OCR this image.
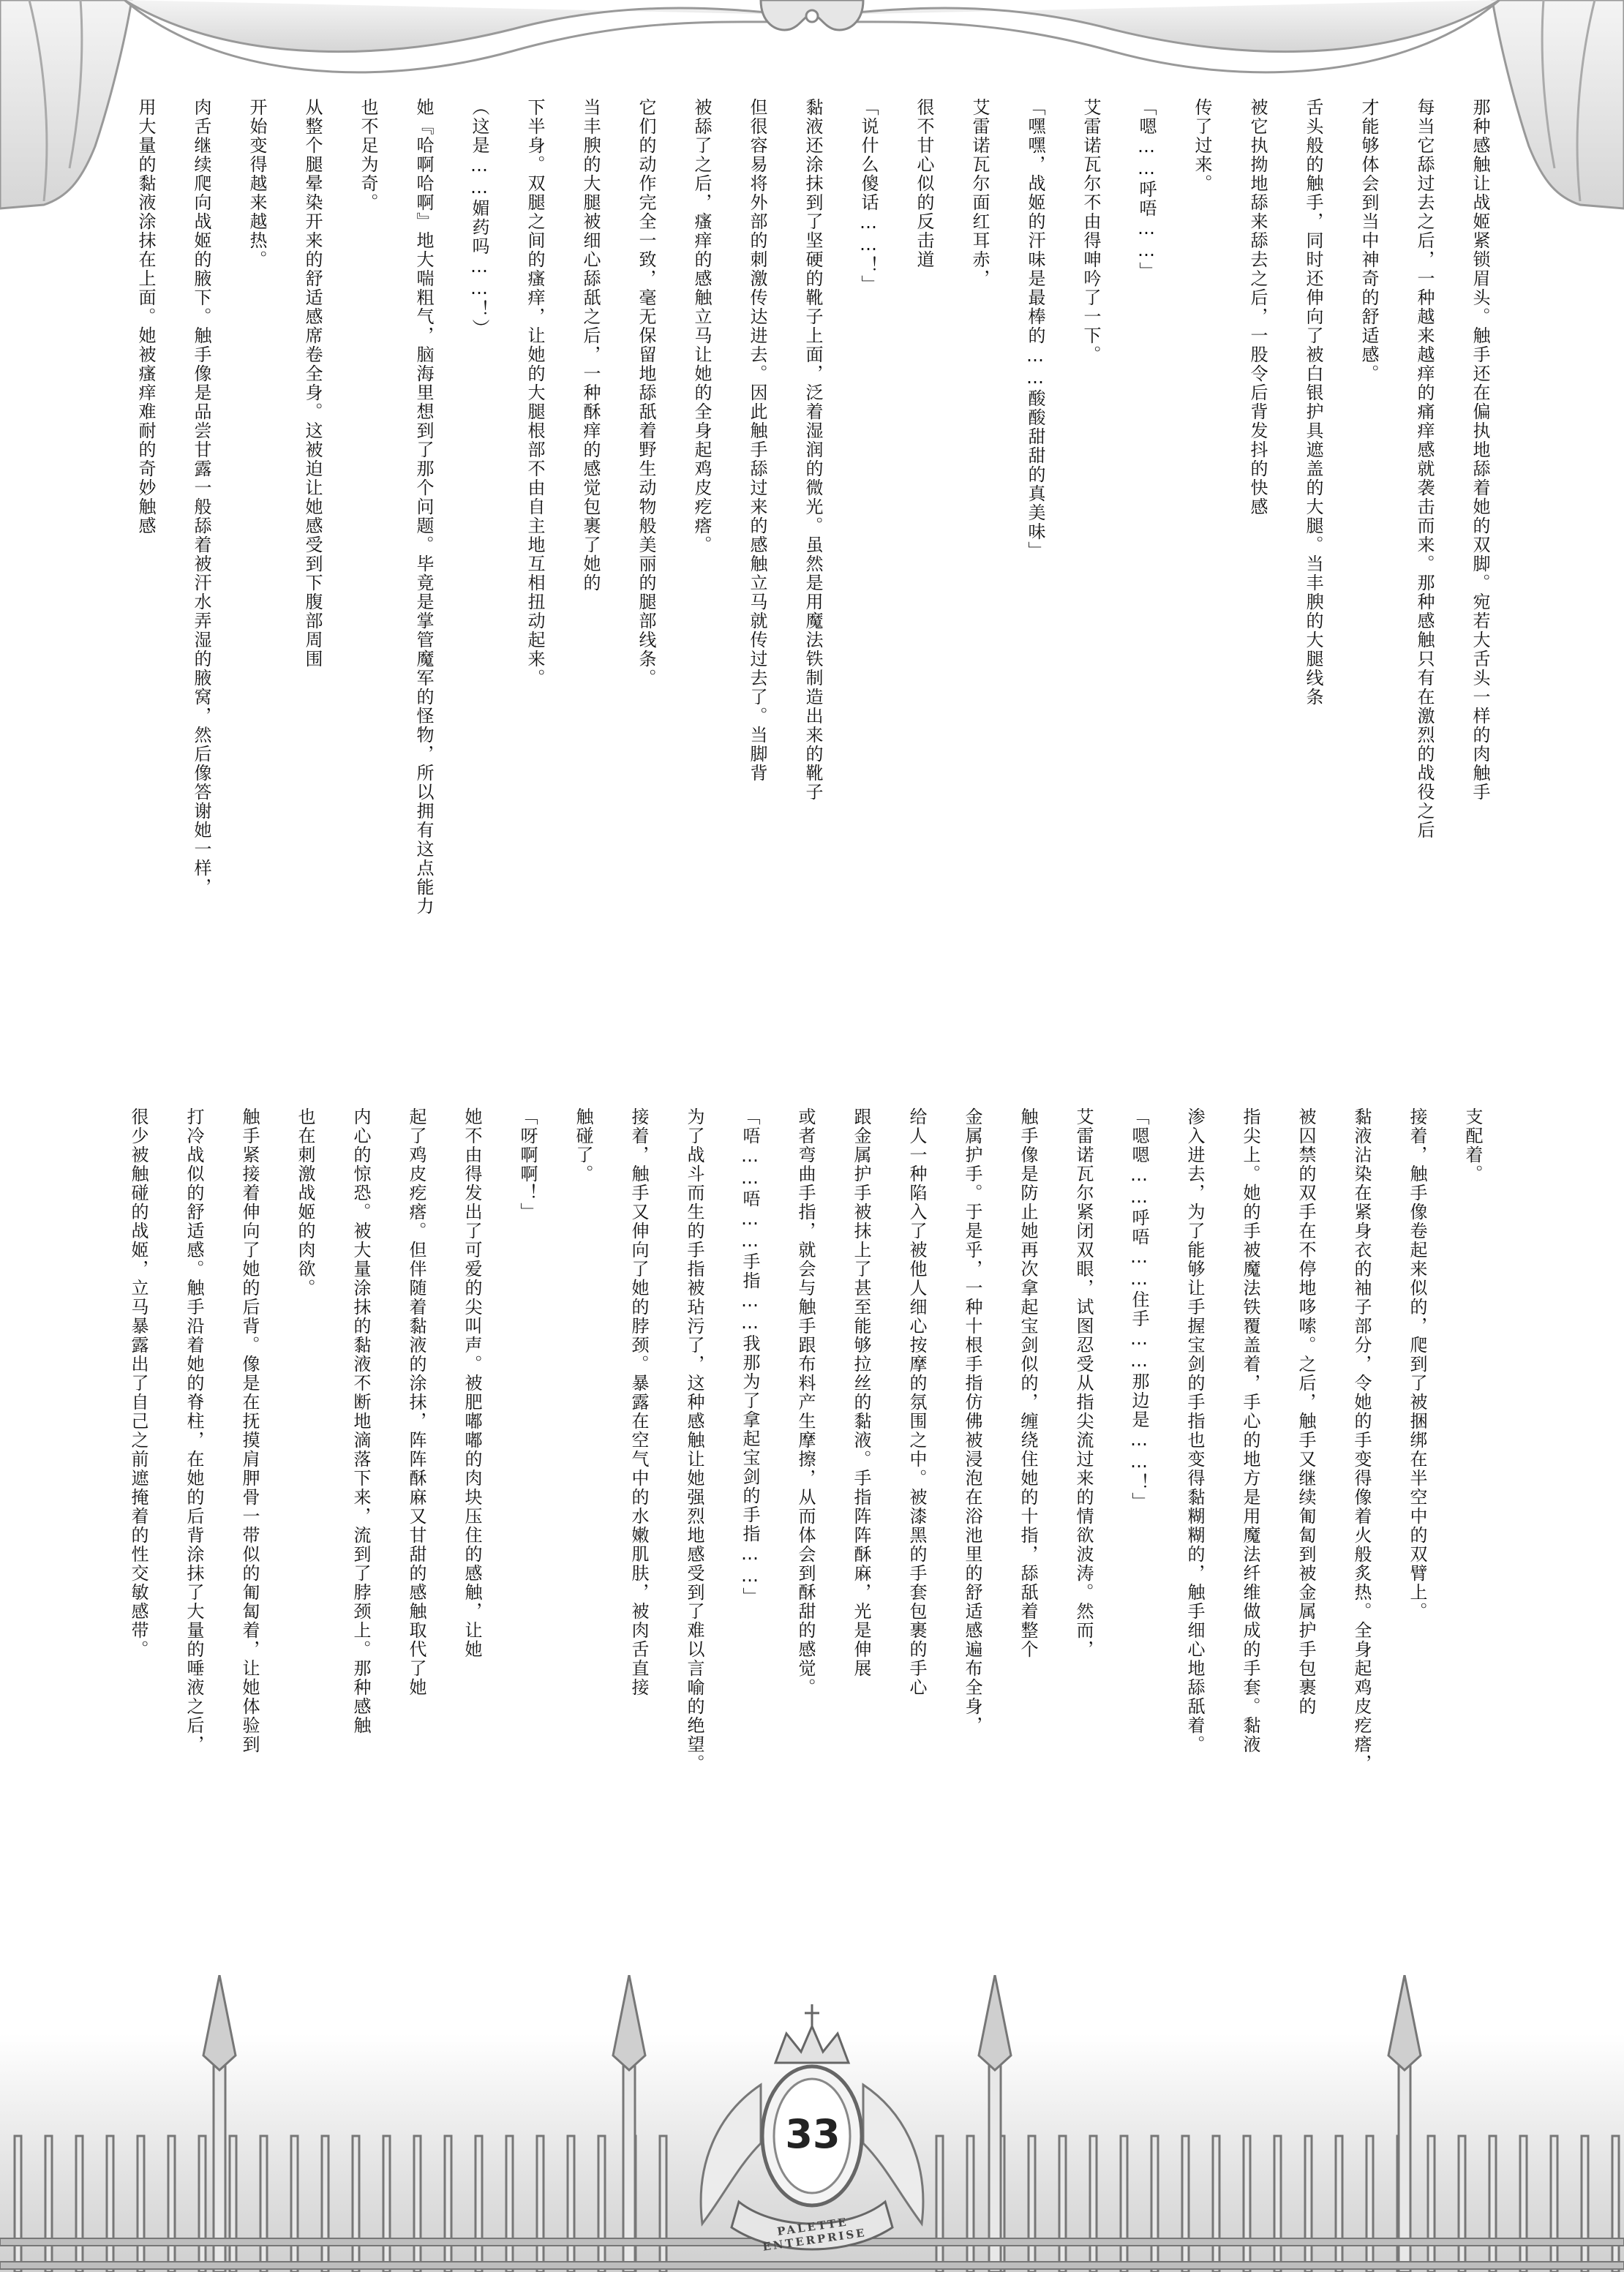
那种感触让战姬紧锁眉头。触手还在偏执地舔着她的双脚。宛若大舌头一样的肉触手

每当它舔过去之后，一种越来越痒的痛痒感就袭击而来。那种感触只有在激烈的战役之后

才能够体会到当中神奇的舒适感。

舌头般的触手，同时还伸向了被白银护具遮盖的大腿。当丰腴的大腿线条

被它执拗地舔来舔去之后，一股令后背发抖的快感

传了过来。

「嗯……呼唔……」

艾雷诺瓦尔不由得呻吟了一下。

「嘿嘿，战姬的汗味是最棒的……酸酸甜甜的真美味」

艾雷诺瓦尔面红耳赤，

很不甘心似的反击道

「说什么傻话……！」

黏液还涂抹到了坚硬的靴子上面，泛着湿润的微光。虽然是用魔法铁制造出来的靴子

但很容易将外部的刺激传达进去。因此触手舔过来的感触立马就传过去了。当脚背

被舔了之后，瘙痒的感触立马让她的全身起鸡皮疙瘩。

它们的动作完全一致，毫无保留地舔舐着野生动物般美丽的腿部线条。

当丰腴的大腿被细心舔舐之后，一种酥痒的感觉包裹了她的

下半身。双腿之间的瘙痒，让她的大腿根部不由自主地互相扭动起来。

（这是……媚药吗……！）

她『哈啊哈啊』地大喘粗气，脑海里想到了那个问题。毕竟是掌管魔军的怪物，所以拥有这点能力

也不足为奇。

从整个腿晕染开来的舒适感席卷全身。这被迫让她感受到下腹部周围

开始变得越来越热。

肉舌继续爬向战姬的腋下。触手像是品尝甘露一般舔着被汗水弄湿的腋窝，然后像答谢她一样，

用大量的黏液涂抹在上面。她被瘙痒难耐的奇妙触感

支配着。

接着，触手像卷起来似的，爬到了被捆绑在半空中的双臂上。

黏液沾染在紧身衣的袖子部分，令她的手变得像着火般炙热。全身起鸡皮疙瘩，

被囚禁的双手在不停地哆嗦。之后，触手又继续匍匐到被金属护手包裹的

指尖上。她的手被魔法铁覆盖着，手心的地方是用魔法纤维做成的手套。黏液

渗入进去，为了能够让手握宝剑的手指也变得黏糊糊的，触手细心地舔舐着。

「嗯嗯……呼唔……住手……那边是……！」

艾雷诺瓦尔紧闭双眼，试图忍受从指尖流过来的情欲波涛。然而，

触手像是防止她再次拿起宝剑似的，缠绕住她的十指，舔舐着整个

金属护手。于是乎，一种十根手指仿佛被浸泡在浴池里的舒适感遍布全身，

给人一种陷入了被他人细心按摩的氛围之中。被漆黑的手套包裹的手心

跟金属护手被抹上了甚至能够拉丝的黏液。手指阵阵酥麻，光是伸展

或者弯曲手指，就会与触手跟布料产生摩擦，从而体会到酥甜的感觉。

「唔……唔……手指……我那为了拿起宝剑的手指……」

为了战斗而生的手指被玷污了，这种感触让她强烈地感受到了难以言喻的绝望。

接着，触手又伸向了她的脖颈。暴露在空气中的水嫩肌肤，被肉舌直接

触碰了。

「呀啊啊！」

她不由得发出了可爱的尖叫声。被肥嘟嘟的肉块压住的感触，让她

起了鸡皮疙瘩。但伴随着黏液的涂抹，阵阵酥麻又甘甜的感触取代了她

内心的惊恐。被大量涂抹的黏液不断地滴落下来，流到了脖颈上。那种感触

也在刺激战姬的肉欲。

触手紧接着伸向了她的后背。像是在抚摸肩胛骨一带似的匍匐着，让她体验到

打冷战似的舒适感。触手沿着她的脊柱，在她的后背涂抹了大量的唾液之后，

很少被触碰的战姬，立马暴露出了自己之前遮掩着的性交敏感带。

33
PALETTE ENTERPRISE
